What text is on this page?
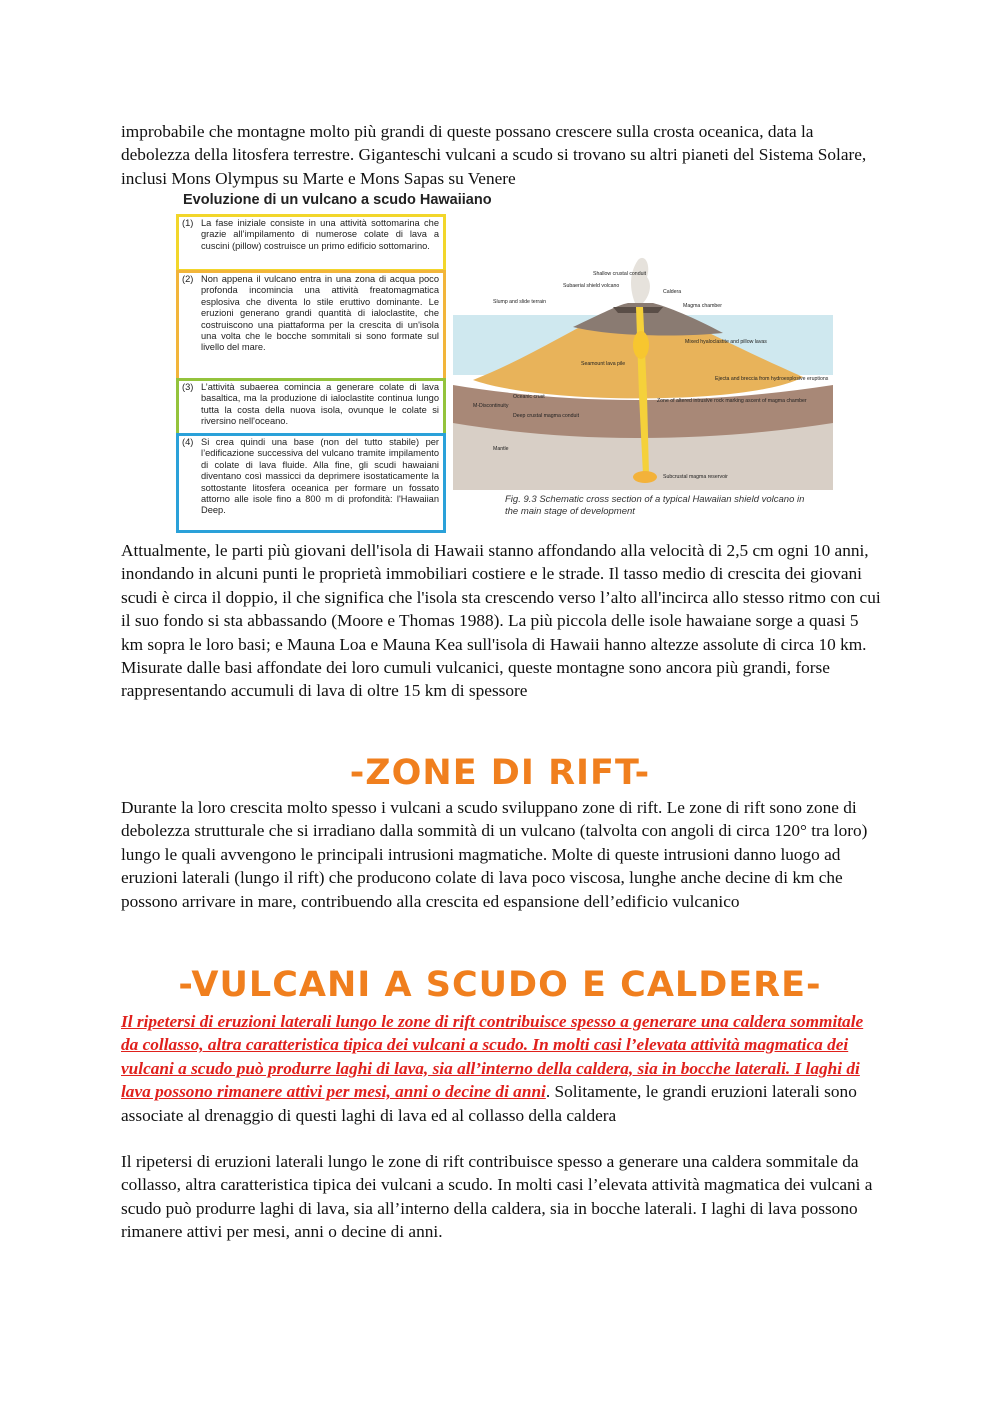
improbabile che montagne molto più grandi di queste possano crescere sulla crosta oceanica, data la debolezza della litosfera terrestre. Giganteschi vulcani a scudo si trovano su altri pianeti del Sistema Solare, inclusi Mons Olympus su Marte e Mons Sapas su Venere

Evoluzione di un vulcano a scudo Hawaiiano
(1) La fase iniziale consiste in una attività sottomarina che grazie all’impilamento di numerose colate di lava a cuscini (pillow) costruisce un primo edificio sottomarino.
(2) Non appena il vulcano entra in una zona di acqua poco profonda incomincia una attività freatomagmatica esplosiva che diventa lo stile eruttivo dominante. Le eruzioni generano grandi quantità di ialoclastite, che costruiscono una piattaforma per la crescita di un'isola una volta che le bocche sommitali si sono formate sul livello del mare.
(3) L’attività subaerea comincia a generare colate di lava basaltica, ma la produzione di ialoclastite continua lungo tutta la costa della nuova isola, ovunque le colate si riversino nell'oceano.
(4) Si crea quindi una base (non del tutto stabile) per l’edificazione successiva del vulcano tramite impilamento di colate di lava fluide. Alla fine, gli scudi hawaiani diventano così massicci da deprimere isostaticamente la sottostante litosfera oceanica per formare un fossato attorno alle isole fino a 800 m di profondità: l'Hawaiian Deep.
Shallow crustal conduit
Subaerial shield volcano
Caldera
Slump and slide terrain
Magma chamber
Mixed hyaloclastite and pillow lavas
Seamount lava pile
Ejecta and breccia from hydroexplosive eruptions
Oceanic crust
M-Discontinuity
Zone of altered intrusive rock marking ascent of magma chamber
Deep crustal magma conduit
Mantle
Subcrustal magma reservoir
Fig. 9.3 Schematic cross section of a typical Hawaiian shield volcano in the main stage of development

Attualmente, le parti più giovani dell'isola di Hawaii stanno affondando alla velocità di 2,5 cm ogni 10 anni, inondando in alcuni punti le proprietà immobiliari costiere e le strade. Il tasso medio di crescita dei giovani scudi è circa il doppio, il che significa che l'isola sta crescendo verso l’alto all'incirca allo stesso ritmo con cui il suo fondo si sta abbassando (Moore e Thomas 1988). La più piccola delle isole hawaiane sorge a quasi 5 km sopra le loro basi; e Mauna Loa e Mauna Kea sull'isola di Hawaii hanno altezze assolute di circa 10 km. Misurate dalle basi affondate dei loro cumuli vulcanici, queste montagne sono ancora più grandi, forse rappresentando accumuli di lava di oltre 15 km di spessore

-ZONE DI RIFT-

Durante la loro crescita molto spesso i vulcani a scudo sviluppano zone di rift. Le zone di rift sono zone di debolezza strutturale che si irradiano dalla sommità di un vulcano (talvolta con angoli di circa 120° tra loro) lungo le quali avvengono le principali intrusioni magmatiche. Molte di queste intrusioni danno luogo ad eruzioni laterali (lungo il rift) che producono colate di lava poco viscosa, lunghe anche decine di km che possono arrivare in mare, contribuendo alla crescita ed espansione dell’edificio vulcanico

-VULCANI A SCUDO E CALDERE-

Il ripetersi di eruzioni laterali lungo le zone di rift contribuisce spesso a generare una caldera sommitale da collasso, altra caratteristica tipica dei vulcani a scudo. In molti casi l’elevata attività magmatica dei vulcani a scudo può produrre laghi di lava, sia all’interno della caldera, sia in bocche laterali. I laghi di lava possono rimanere attivi per mesi, anni o decine di anni. Solitamente, le grandi eruzioni laterali sono associate al drenaggio di questi laghi di lava ed al collasso della caldera

Il ripetersi di eruzioni laterali lungo le zone di rift contribuisce spesso a generare una caldera sommitale da collasso, altra caratteristica tipica dei vulcani a scudo. In molti casi l’elevata attività magmatica dei vulcani a scudo può produrre laghi di lava, sia all’interno della caldera, sia in bocche laterali. I laghi di lava possono rimanere attivi per mesi, anni o decine di anni.
